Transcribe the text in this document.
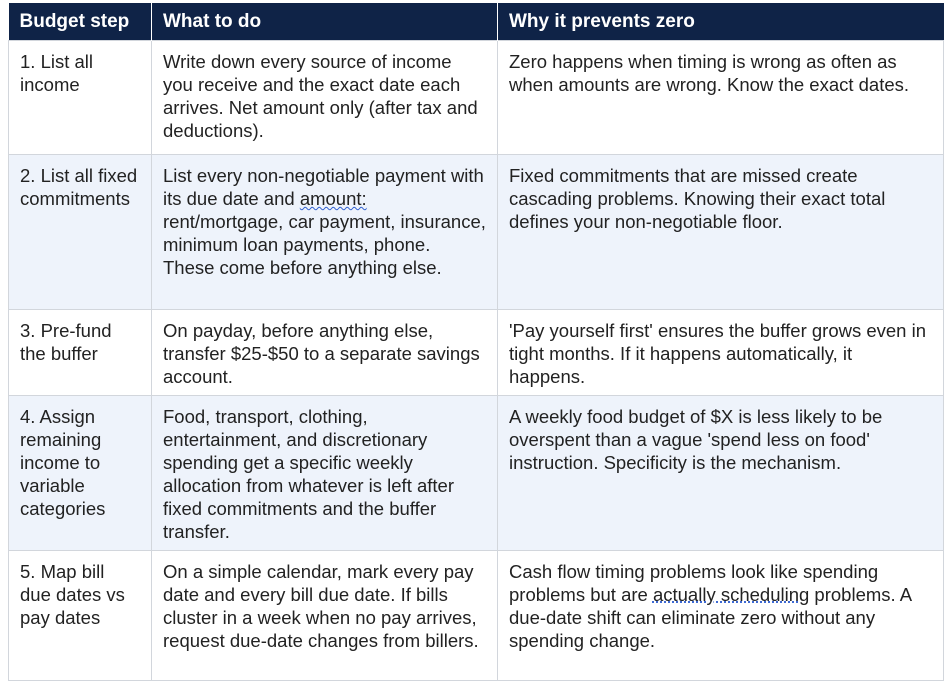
Budget step	What to do	Why it prevents zero
1. List all income	Write down every source of income you receive and the exact date each arrives. Net amount only (after tax and deductions).	Zero happens when timing is wrong as often as when amounts are wrong. Know the exact dates.
2. List all fixed commitments	List every non-negotiable payment with its due date and amount: rent/mortgage, car payment, insurance, minimum loan payments, phone. These come before anything else.	Fixed commitments that are missed create cascading problems. Knowing their exact total defines your non-negotiable floor.
3. Pre-fund the buffer	On payday, before anything else, transfer $25-$50 to a separate savings account.	'Pay yourself first' ensures the buffer grows even in tight months. If it happens automatically, it happens.
4. Assign remaining income to variable categories	Food, transport, clothing, entertainment, and discretionary spending get a specific weekly allocation from whatever is left after fixed commitments and the buffer transfer.	A weekly food budget of $X is less likely to be overspent than a vague 'spend less on food' instruction. Specificity is the mechanism.
5. Map bill due dates vs pay dates	On a simple calendar, mark every pay date and every bill due date. If bills cluster in a week when no pay arrives, request due-date changes from billers.	Cash flow timing problems look like spending problems but are actually scheduling problems. A due-date shift can eliminate zero without any spending change.
